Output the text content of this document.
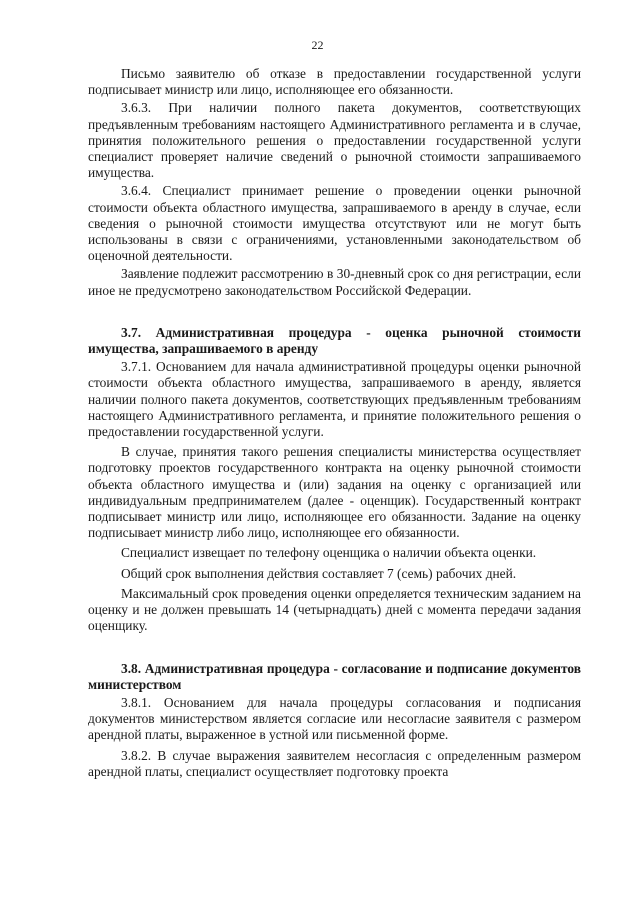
22

Письмо заявителю об отказе в предоставлении государственной услуги подписывает министр или лицо, исполняющее его обязанности.

3.6.3. При наличии полного пакета документов, соответствующих предъявленным требованиям настоящего Административного регламента и в случае, принятия положительного решения о предоставлении государственной услуги специалист проверяет наличие сведений о рыночной стоимости запрашиваемого имущества.

3.6.4. Специалист принимает решение о проведении оценки рыночной стоимости объекта областного имущества, запрашиваемого в аренду в случае, если сведения о рыночной стоимости имущества отсутствуют или не могут быть использованы в связи с ограничениями, установленными законодательством об оценочной деятельности.

Заявление подлежит рассмотрению в 30-дневный срок со дня регистрации, если иное не предусмотрено законодательством Российской Федерации.

3.7. Административная процедура - оценка рыночной стоимости имущества, запрашиваемого в аренду

3.7.1. Основанием для начала административной процедуры оценки рыночной стоимости объекта областного имущества, запрашиваемого в аренду, является наличии полного пакета документов, соответствующих предъявленным требованиям настоящего Административного регламента, и принятие положительного решения о предоставлении государственной услуги.

В случае, принятия такого решения специалисты министерства осуществляет подготовку проектов государственного контракта на оценку рыночной стоимости объекта областного имущества и (или) задания на оценку с организацией или индивидуальным предпринимателем (далее - оценщик). Государственный контракт подписывает министр или лицо, исполняющее его обязанности. Задание на оценку подписывает министр либо лицо, исполняющее его обязанности.

Специалист извещает по телефону оценщика о наличии объекта оценки.

Общий срок выполнения действия составляет 7 (семь) рабочих дней.

Максимальный срок проведения оценки определяется техническим заданием на оценку и не должен превышать 14 (четырнадцать) дней с момента передачи задания оценщику.

3.8. Административная процедура - согласование и подписание документов министерством

3.8.1. Основанием для начала процедуры согласования и подписания документов министерством является согласие или несогласие заявителя с размером арендной платы, выраженное в устной или письменной форме.

3.8.2. В случае выражения заявителем несогласия с определенным размером арендной платы, специалист осуществляет подготовку проекта
